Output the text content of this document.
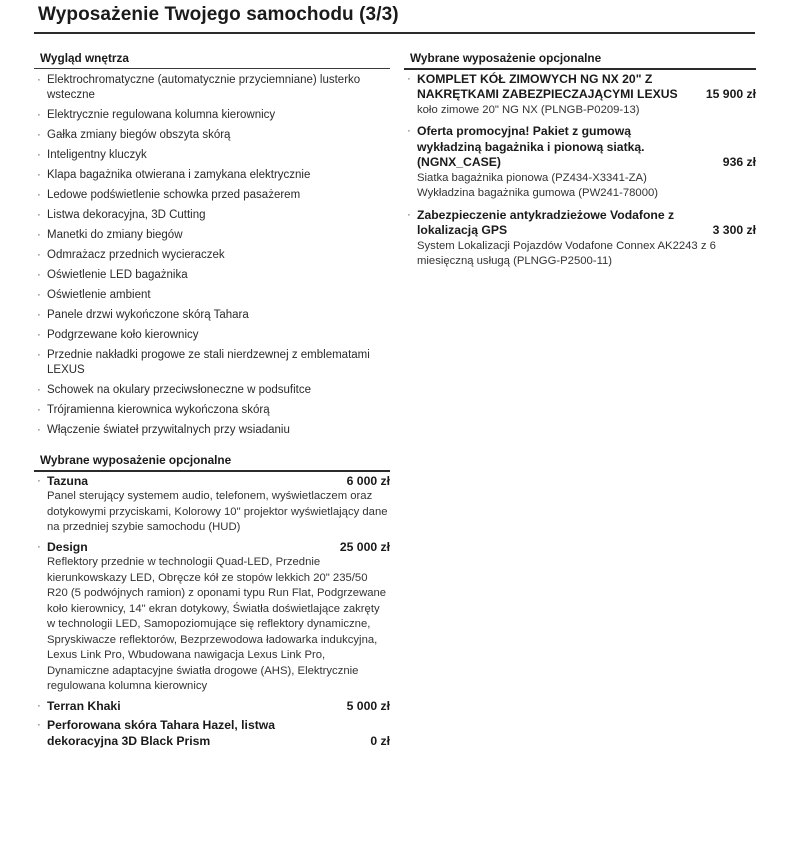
Wyposażenie Twojego samochodu (3/3)
Wygląd wnętrza
· Elektrochromatyczne (automatycznie przyciemniane) lusterko wsteczne
· Elektrycznie regulowana kolumna kierownicy
· Gałka zmiany biegów obszyta skórą
· Inteligentny kluczyk
· Klapa bagażnika otwierana i zamykana elektrycznie
· Ledowe podświetlenie schowka przed pasażerem
· Listwa dekoracyjna, 3D Cutting
· Manetki do zmiany biegów
· Odmrażacz przednich wycieraczek
· Oświetlenie LED bagażnika
· Oświetlenie ambient
· Panele drzwi wykończone skórą Tahara
· Podgrzewane koło kierownicy
· Przednie nakładki progowe ze stali nierdzewnej z emblematami LEXUS
· Schowek na okulary przeciwsłoneczne w podsufitce
· Trójramienna kierownica wykończona skórą
· Włączenie świateł przywitalnych przy wsiadaniu
Wybrane wyposażenie opcjonalne
· Tazuna	6 000 zł
Panel sterujący systemem audio, telefonem, wyświetlaczem oraz dotykowymi przyciskami, Kolorowy 10" projektor wyświetlający dane na przedniej szybie samochodu (HUD)
· Design	25 000 zł
Reflektory przednie w technologii Quad-LED, Przednie kierunkowskazy LED, Obręcze kół ze stopów lekkich 20" 235/50 R20 (5 podwójnych ramion) z oponami typu Run Flat, Podgrzewane koło kierownicy, 14" ekran dotykowy, Światła doświetlające zakręty w technologii LED, Samopoziomujące się reflektory dynamiczne, Spryskiwacze reflektorów, Bezprzewodowa ładowarka indukcyjna, Lexus Link Pro, Wbudowana nawigacja Lexus Link Pro, Dynamiczne adaptacyjne światła drogowe (AHS), Elektrycznie regulowana kolumna kierownicy
· Terran Khaki	5 000 zł
· Perforowana skóra Tahara Hazel, listwa dekoracyjna 3D Black Prism	0 zł
Wybrane wyposażenie opcjonalne
· KOMPLET KÓŁ ZIMOWYCH NG NX 20" Z NAKRĘTKAMI ZABEZPIECZAJĄCYMI LEXUS	15 900 zł
koło zimowe 20" NG NX (PLNGB-P0209-13)
· Oferta promocyjna! Pakiet z gumową wykładziną bagażnika i pionową siatką. (NGNX_CASE)	936 zł
Siatka bagażnika pionowa (PZ434-X3341-ZA)
Wykładzina bagażnika gumowa (PW241-78000)
· Zabezpieczenie antykradzieżowe Vodafone z lokalizacją GPS	3 300 zł
System Lokalizacji Pojazdów Vodafone Connex AK2243 z 6 miesięczną usługą (PLNGG-P2500-11)
